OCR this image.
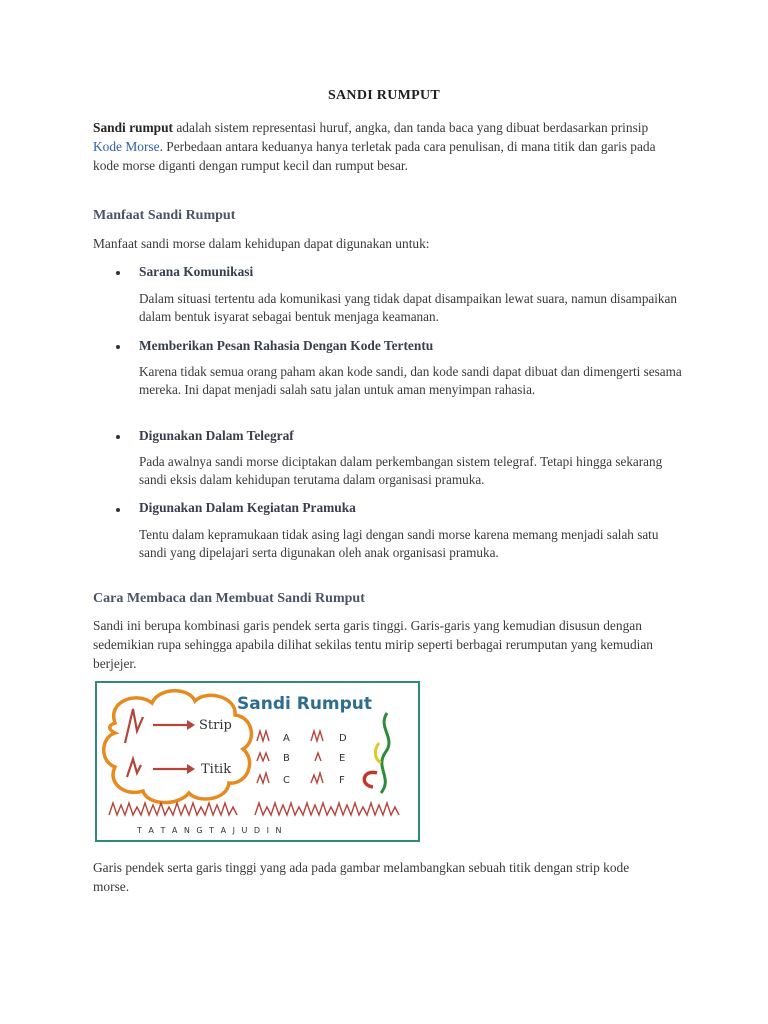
SANDI RUMPUT

Sandi rumput adalah sistem representasi huruf, angka, dan tanda baca yang dibuat berdasarkan prinsip Kode Morse. Perbedaan antara keduanya hanya terletak pada cara penulisan, di mana titik dan garis pada kode morse diganti dengan rumput kecil dan rumput besar.

Manfaat Sandi Rumput

Manfaat sandi morse dalam kehidupan dapat digunakan untuk:

Sarana Komunikasi

Dalam situasi tertentu ada komunikasi yang tidak dapat disampaikan lewat suara, namun disampaikan dalam bentuk isyarat sebagai bentuk menjaga keamanan.

Memberikan Pesan Rahasia Dengan Kode Tertentu

Karena tidak semua orang paham akan kode sandi, dan kode sandi dapat dibuat dan dimengerti sesama mereka. Ini dapat menjadi salah satu jalan untuk aman menyimpan rahasia.

Digunakan Dalam Telegraf

Pada awalnya sandi morse diciptakan dalam perkembangan sistem telegraf. Tetapi hingga sekarang sandi eksis dalam kehidupan terutama dalam organisasi pramuka.

Digunakan Dalam Kegiatan Pramuka

Tentu dalam kepramukaan tidak asing lagi dengan sandi morse karena memang menjadi salah satu sandi yang dipelajari serta digunakan oleh anak organisasi pramuka.

Cara Membaca dan Membuat Sandi Rumput

Sandi ini berupa kombinasi garis pendek serta garis tinggi. Garis-garis yang kemudian disusun dengan sedemikian rupa sehingga apabila dilihat sekilas tentu mirip seperti berbagai rerumputan yang kemudian berjejer.

Strip
Titik
Sandi Rumput
A
B
C
D
E
F
T A T A N G T A J U D I N

Garis pendek serta garis tinggi yang ada pada gambar melambangkan sebuah titik dengan strip kode morse.
